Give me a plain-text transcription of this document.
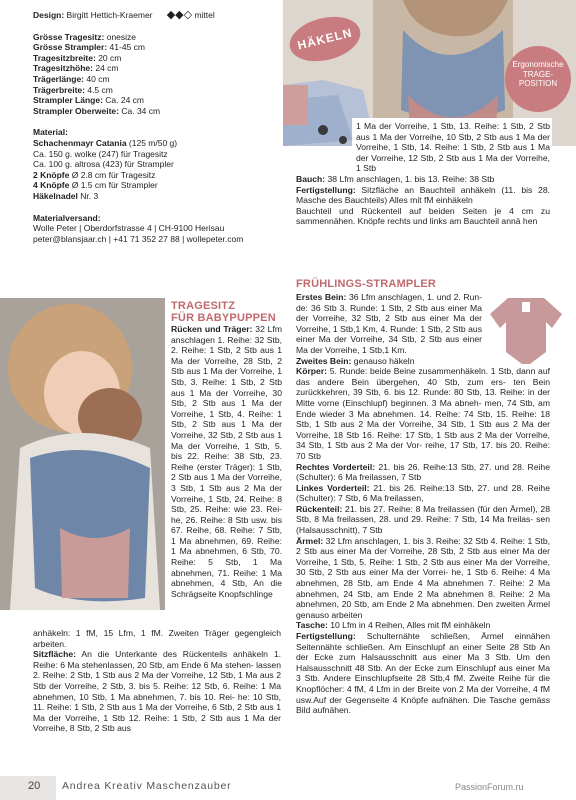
Design: Birgitt Hettich-Kraemer ◆◆◇ mittel

Grösse Tragesitz: onesize

Grösse Strampler: 41-45 cm

Tragesitzbreite: 20 cm

Tragesitzhöhe: 24 cm

Trägerlänge: 40 cm

Trägerbreite: 4.5 cm

Strampler Länge: Ca. 24 cm

Strampler Oberweite: Ca. 34 cm

Material:

Schachenmayr Catania (125 m/50 g)

Ca. 150 g. wolke (247) für Tragesitz

Ca. 100 g. altrosa (423) für Strampler

2 Knöpfe Ø 2.8 cm für Tragesitz

4 Knöpfe Ø 1.5 cm für Strampler

Häkelnadel Nr. 3

Materialversand:

Wolle Peter | Oberdorfstrasse 4 | CH-9100 Herisau

peter@blansjaar.ch | +41 71 352 27 88 | wollepeter.com

HÄKELN
Ergonomische
TRAGE-
POSITION

1 Ma der Vorreihe, 1 Stb, 13. Reihe: 1 Stb, 2 Stb aus 1 Ma der Vorreihe, 10 Stb, 2 Stb aus 1 Ma der Vorreihe, 1 Stb, 14. Reihe: 1 Stb, 2 Stb aus 1 Ma der Vorreihe, 12 Stb, 2 Stb aus 1 Ma der Vorreihe, 1 Stb

Bauch: 38 Lfm anschlagen, 1. bis 13. Reihe: 38 Stb

Fertigstellung: Sitzfläche an Bauchteil anhäkeln (11. bis 28. Masche des Bauchteils) Alles mit fM einhäkeln

Bauchteil und Rückenteil auf beiden Seiten je 4 cm zu sammennähen. Knöpfe rechts und links am Bauchteil annä hen

TRAGESITZ
FÜR BABYPUPPEN

Rücken und Träger: 32 Lfm anschlagen 1. Reihe: 32 Stb, 2. Reihe: 1 Stb, 2 Stb aus 1 Ma der Vorreihe, 28 Stb, 2 Stb aus 1 Ma der Vorreihe, 1 Stb, 3. Reihe: 1 Stb, 2 Stb aus 1 Ma der Vorreihe, 30 Stb, 2 Stb aus 1 Ma der Vorreihe, 1 Stb, 4. Reihe: 1 Stb, 2 Stb aus 1 Ma der Vorreihe, 32 Stb, 2 Stb aus 1 Ma der Vorreihe, 1 Stb, 5. bis 22. Reihe: 38 Stb, 23. Reihe (erster Träger): 1 Stb, 2 Stb aus 1 Ma der Vorreihe, 3 Stb, 1 Stb aus 2 Ma der Vorreihe, 1 Stb, 24. Reihe: 8 Stb, 25. Reihe: wie 23. Rei- he, 26. Reihe: 8 Stb usw. bis 67. Reihe, 68. Reihe: 7 Stb, 1 Ma abnehmen, 69. Reihe: 1 Ma abnehmen, 6 Stb, 70. Reihe: 5 Stb, 1 Ma abnehmen, 71. Reihe: 1 Ma abnehmen, 4 Stb, An die Schrägseite Knopfschlinge

FRÜHLINGS-STRAMPLER

Erstes Bein: 36 Lfm anschlagen, 1. und 2. Run- de: 36 Stb 3. Runde: 1 Stb, 2 Stb aus einer Ma der Vorreihe, 32 Stb, 2 Stb aus einer Ma der Vorreihe, 1 Stb,1 Km, 4. Runde: 1 Stb, 2 Stb aus einer Ma der Vorreihe, 34 Stb, 2 Stb aus einer Ma der Vorreihe, 1 Stb,1 Km.

Zweites Bein: genauso häkeln

Körper: 5. Runde: beide Beine zusammenhäkeln. 1 Stb, dann auf das andere Bein übergehen, 40 Stb, zum ers- ten Bein zurückkehren, 39 Stb, 6. bis 12. Runde: 80 Stb, 13. Reihe: in der Mitte vorne (Einschlupf) beginnen. 3 Ma abneh- men, 74 Stb, am Ende wieder 3 Ma abnehmen. 14. Reihe: 74 Stb, 15. Reihe: 18 Stb, 1 Stb aus 2 Ma der Vorreihe, 34 Stb, 1 Stb aus 2 Ma der Vorreihe, 18 Stb 16. Reihe: 17 Stb, 1 Stb aus 2 Ma der Vorreihe, 34 Stb, 1 Stb aus 2 Ma der Vor- reihe, 17 Stb, 17. bis 20. Reihe: 70 Stb

Rechtes Vorderteil: 21. bis 26. Reihe:13 Stb, 27. und 28. Reihe (Schulter): 6 Ma freilassen, 7 Stb

Linkes Vorderteil: 21. bis 26. Reihe:13 Stb, 27. und 28. Reihe (Schulter): 7 Stb, 6 Ma freilassen,

Rückenteil: 21. bis 27. Reihe: 8 Ma freilassen (für den Ärmel), 28 Stb, 8 Ma freilassen, 28. und 29. Reihe: 7 Stb, 14 Ma freilas- sen (Halsausschnitt), 7 Stb

Ärmel: 32 Lfm anschlagen, 1. bis 3. Reihe: 32 Stb 4. Reihe: 1 Stb, 2 Stb aus einer Ma der Vorreihe, 28 Stb, 2 Stb aus einer Ma der Vorreihe, 1 Stb, 5. Reihe: 1 Stb, 2 Stb aus einer Ma der Vorreihe, 30 Stb, 2 Stb aus einer Ma der Vorrei- he, 1 Stb 6. Reihe: 4 Ma abnehmen, 28 Stb, am Ende 4 Ma abnehmen 7. Reihe: 2 Ma abnehmen, 24 Stb, am Ende 2 Ma abnehmen 8. Reihe: 2 Ma abnehmen, 20 Stb, am Ende 2 Ma abnehmen. Den zweiten Ärmel genauso arbeiten

Tasche: 10 Lfm in 4 Reihen, Alles mit fM einhäkeln

Fertigstellung: Schulternähte schließen, Ärmel einnähen Seitennähte schließen. Am Einschlupf an einer Seite 28 Stb An der Ecke zum Halsausschnitt aus einer Ma 3 Stb. Um den Halsausschnitt 48 Stb. An der Ecke zum Einschlupf aus einer Ma 3 Stb. Andere Einschlupfseite 28 Stb,4 fM. Zweite Reihe für die Knopflöcher: 4 fM, 4 Lfm in der Breite von 2 Ma der Vorreihe, 4 fM usw.Auf der Gegenseite 4 Knöpfe aufnähen. Die Tasche gemäss Bild aufnähen.

anhäkeln: 1 fM, 15 Lfm, 1 fM. Zweiten Träger gegengleich arbeiten.

Sitzfläche: An die Unterkante des Rückenteils anhäkeln 1. Reihe: 6 Ma stehenlassen, 20 Stb, am Ende 6 Ma stehen- lassen 2. Reihe: 2 Stb, 1 Stb aus 2 Ma der Vorreihe, 12 Stb, 1 Ma aus 2 Stb der Vorreihe, 2 Stb, 3. bis 5. Reihe: 12 Stb, 6. Reihe: 1 Ma abnehmen, 10 Stb, 1 Ma abnehmen, 7. bis 10. Rei- he: 10 Stb, 11. Reihe: 1 Stb, 2 Stb aus 1 Ma der Vorreihe, 6 Stb, 2 Stb aus 1 Ma der Vorreihe, 1 Stb 12. Reihe: 1 Stb, 2 Stb aus 1 Ma der Vorreihe, 8 Stb, 2 Stb aus

20 Andrea Kreativ Maschenzauber	PassionForum.ru
